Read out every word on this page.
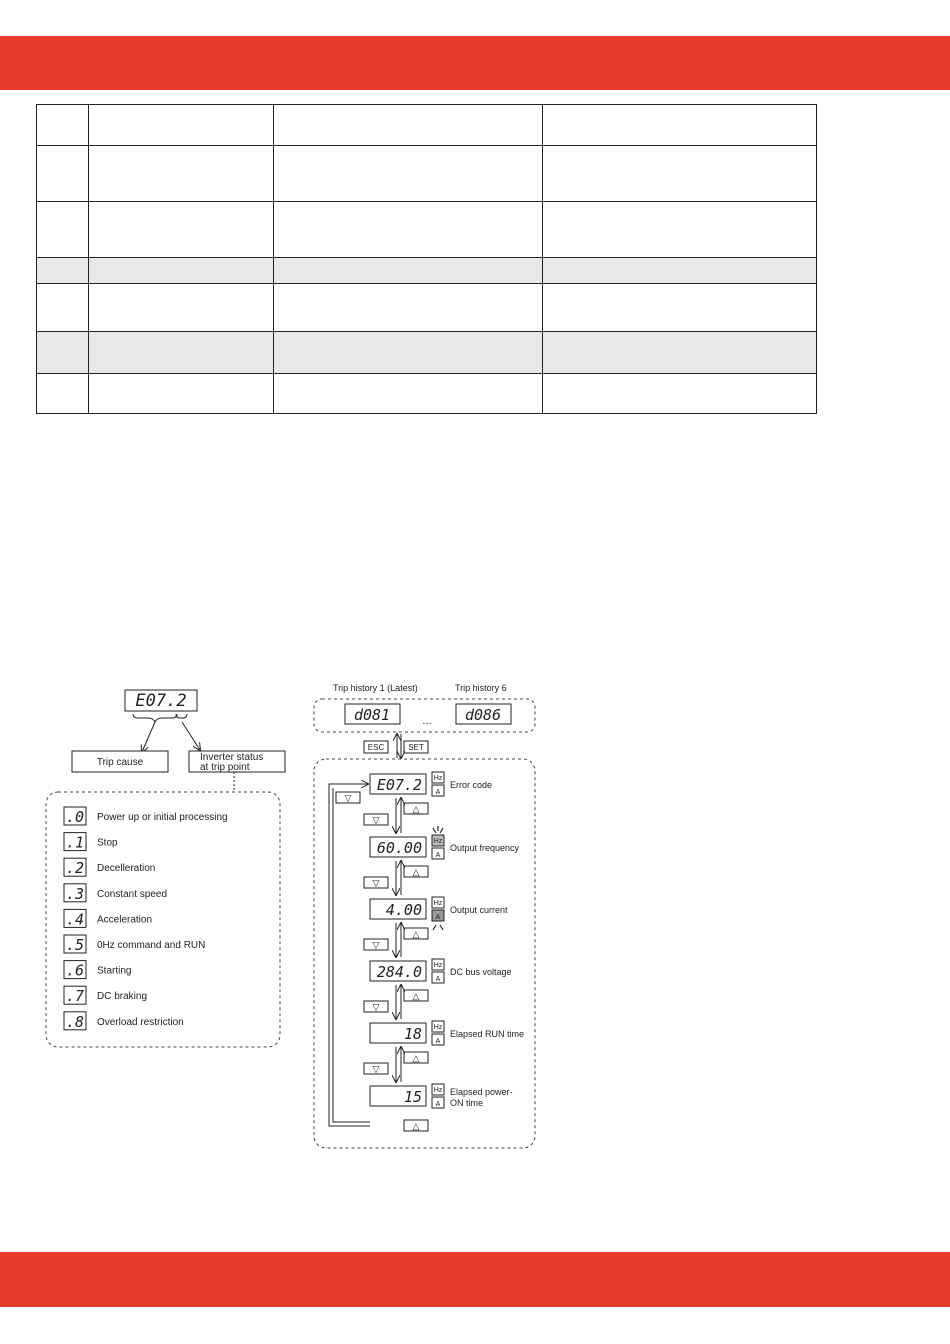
E07.2
Trip cause	Inverter status
at trip point
.0 Power up or initial processing
.1 Stop
.2 Decelleration
.3 Constant speed
.4 Acceleration
.5 0Hz command and RUN
.6 Starting
.7 DC braking
.8 Overload restriction
Trip history 1 (Latest)	Trip history 6
d081	... d086
ESC	SET
E07.2 Hz
A
Error code
△
▽
60.00 Hz
A
Output frequency
△
▽
4.00 Hz
A
Output current
△
▽
284.0 Hz
A
DC bus voltage
△
▽
18 Hz
A
Elapsed RUN time
△
▽
15 Hz
A
Elapsed power-
ON time
△
▽
